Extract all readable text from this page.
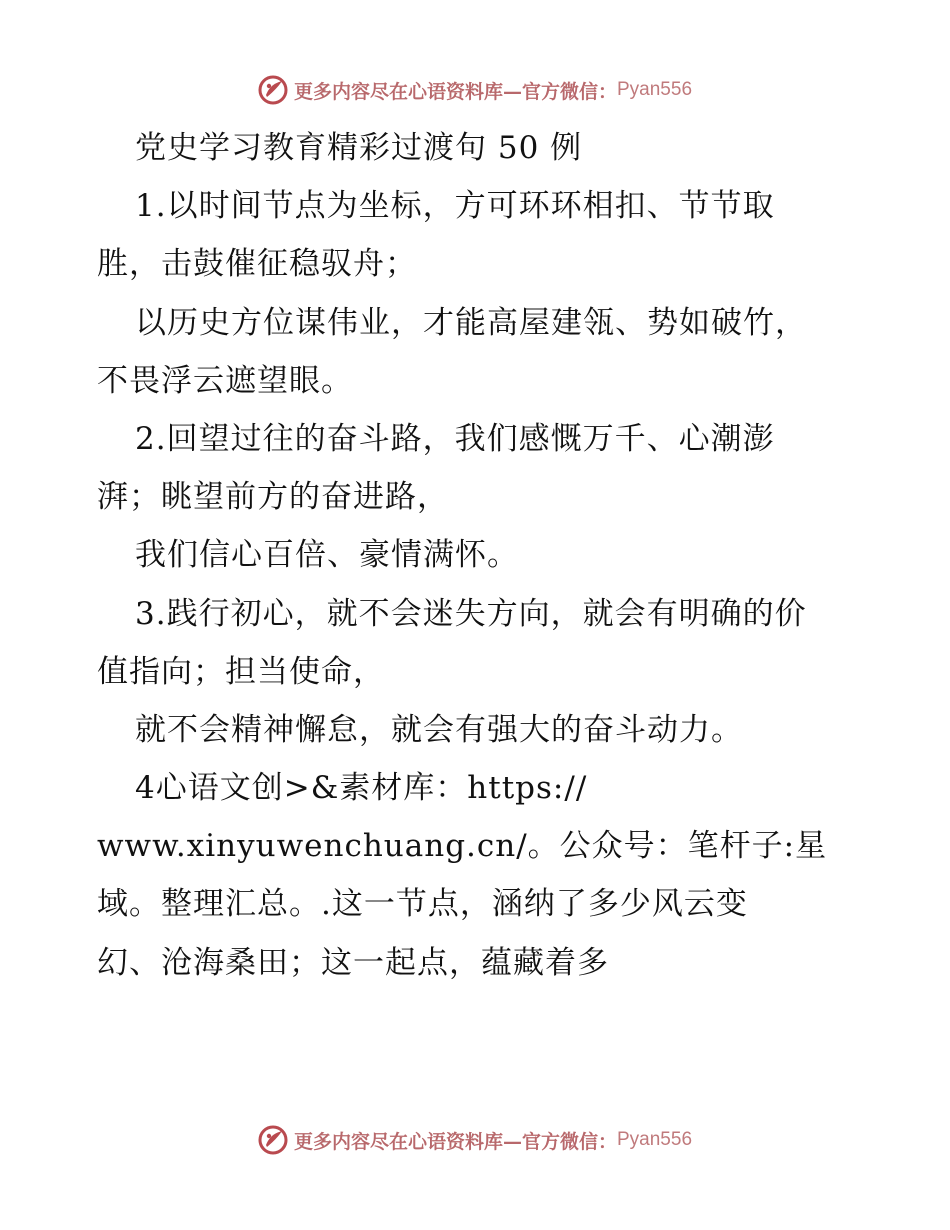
更多内容尽在心语资料库—官方微信： Pyan556
党史学习教育精彩过渡句 50 例
1.以时间节点为坐标，方可环环相扣、节节取
胜，击鼓催征稳驭舟；
以历史方位谋伟业，才能高屋建瓴、势如破竹，
不畏浮云遮望眼。
2.回望过往的奋斗路，我们感慨万千、心潮澎
湃；眺望前方的奋进路，
我们信心百倍、豪情满怀。
3.践行初心，就不会迷失方向，就会有明确的价
值指向；担当使命，
就不会精神懈怠，就会有强大的奋斗动力。
4心语文创>&素材库：https://
www.xinyuwenchuang.cn/。公众号：笔杆子:星
域。整理汇总。.这一节点，涵纳了多少风云变
幻、沧海桑田；这一起点，蕴藏着多
更多内容尽在心语资料库—官方微信： Pyan556
